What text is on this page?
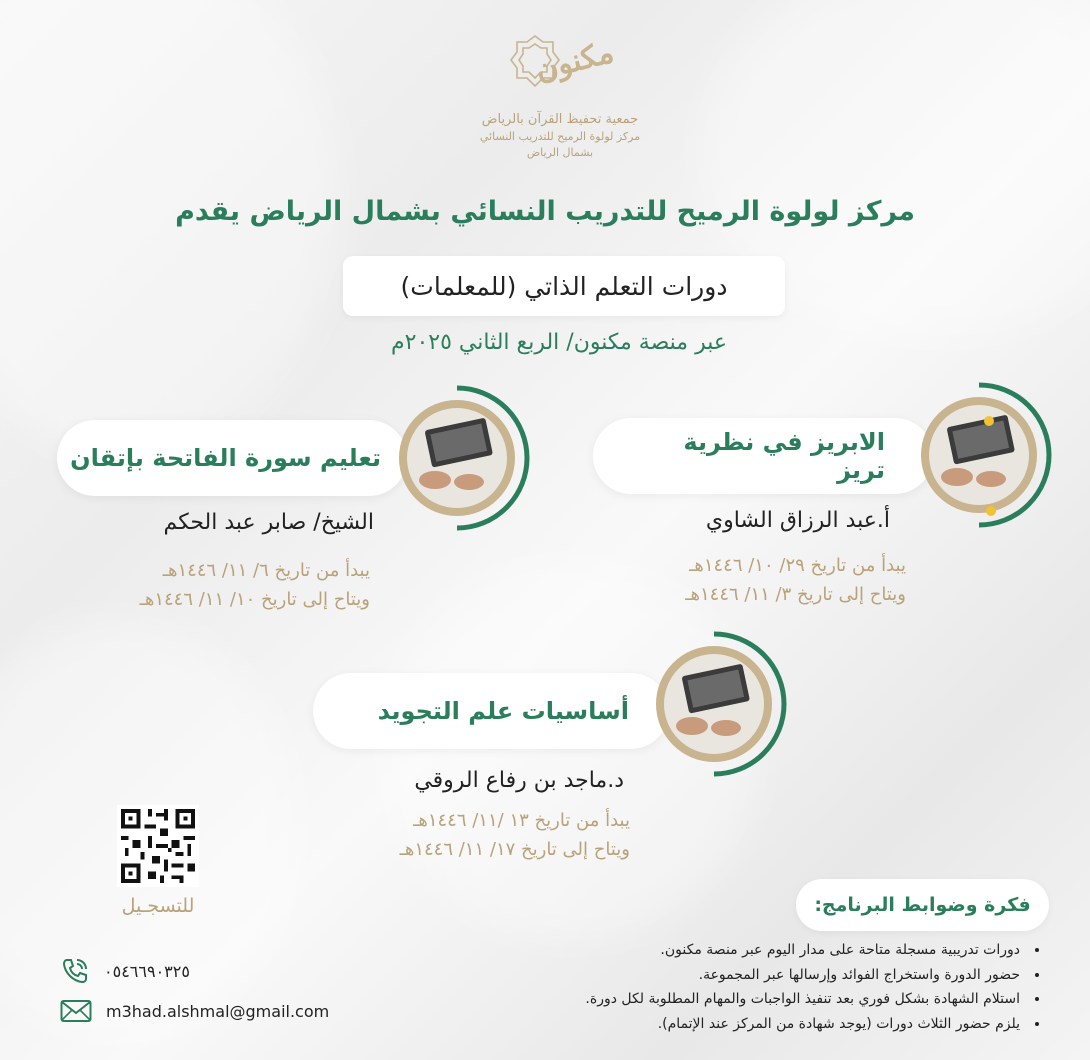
مكنون
جمعية تحفيظ القرآن بالرياض
مركز لولوة الرميح للتدريب النسائي
بشمال الرياض
مركز لولوة الرميح للتدريب النسائي بشمال الرياض يقدم
دورات التعلم الذاتي (للمعلمات)
عبر منصة مكنون/ الربع الثاني ٢٠٢٥م
الابريز في نظرية تريز
أ.عبد الرزاق الشاوي
يبدأ من تاريخ ٢٩/ ١٠/ ١٤٤٦هـ
ويتاح إلى تاريخ ٣/ ١١/ ١٤٤٦هـ
تعليم سورة الفاتحة بإتقان
الشيخ/ صابر عبد الحكم
يبدأ من تاريخ ٦/ ١١/ ١٤٤٦هـ
ويتاح إلى تاريخ ١٠/ ١١/ ١٤٤٦هـ
أساسيات علم التجويد
د.ماجد بن رفاع الروقي
يبدأ من تاريخ ١٣ /١١/ ١٤٤٦هـ
ويتاح إلى تاريخ ١٧/ ١١/ ١٤٤٦هـ
للتسجـيل	فكرة وضوابط البرنامج:
• دورات تدريبية مسجلة متاحة على مدار اليوم عبر منصة مكنون.
• حضور الدورة واستخراج الفوائد وإرسالها عبر المجموعة.
• استلام الشهادة بشكل فوري بعد تنفيذ الواجبات والمهام المطلوبة لكل دورة.
• يلزم حضور الثلاث دورات (يوجد شهادة من المركز عند الإتمام).
٠٥٤٦٦٩٠٣٢٥
m3had.alshmal@gmail.com
